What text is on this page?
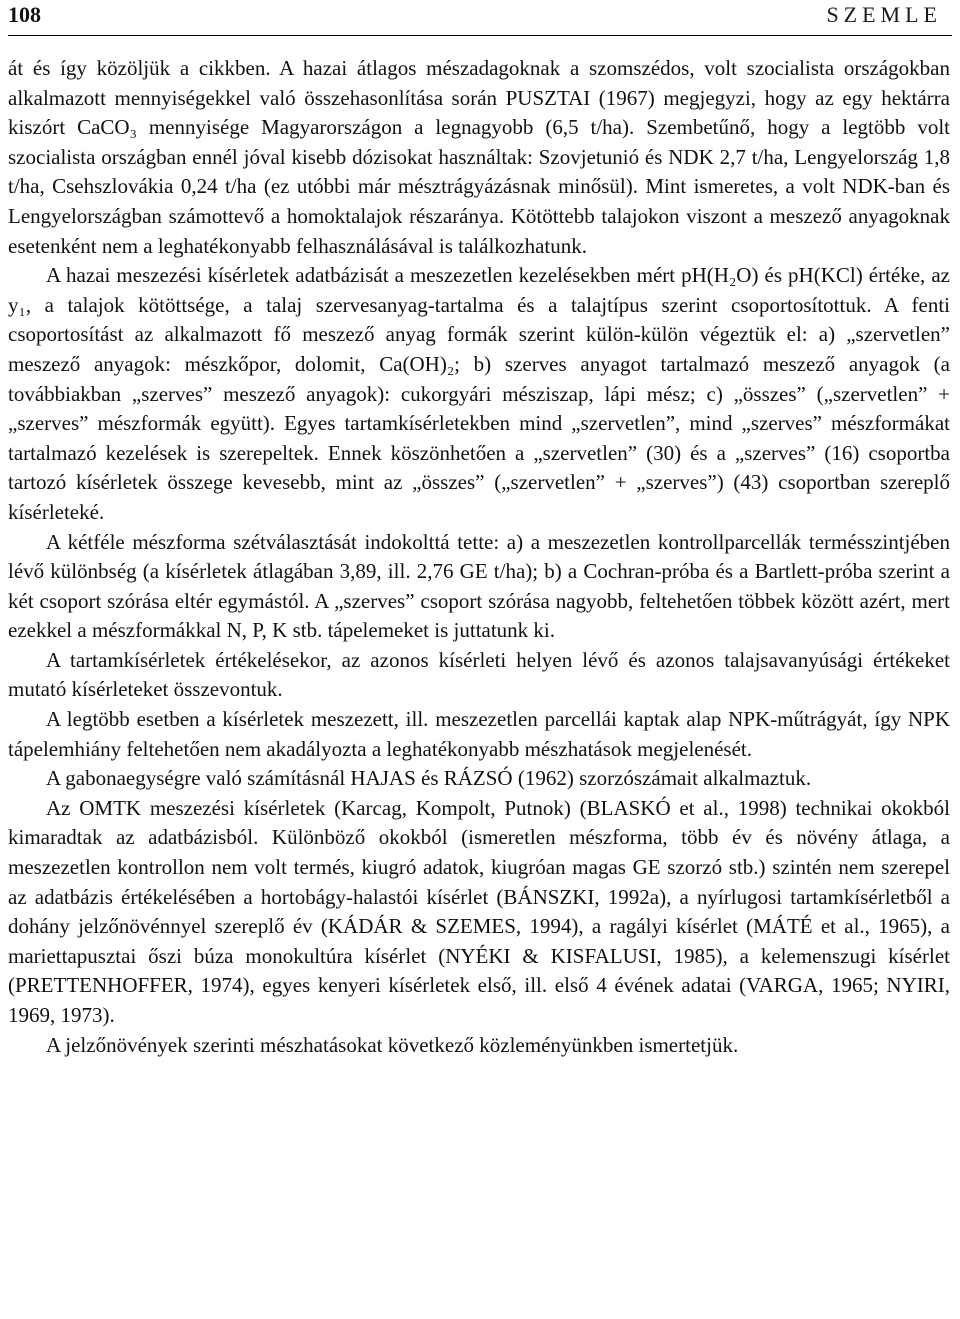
108	SZEMLE

át és így közöljük a cikkben. A hazai átlagos mészadagoknak a szomszédos, volt szocialista országokban alkalmazott mennyiségekkel való összehasonlítása során PUSZTAI (1967) megjegyzi, hogy az egy hektárra kiszórt CaCO₃ mennyisége Magyarországon a legnagyobb (6,5 t/ha). Szembetűnő, hogy a legtöbb volt szocialista országban ennél jóval kisebb dózisokat használtak: Szovjetunió és NDK 2,7 t/ha, Lengyelország 1,8 t/ha, Csehszlovákia 0,24 t/ha (ez utóbbi már mésztrágyázásnak minősül). Mint ismeretes, a volt NDK-ban és Lengyelországban számottevő a homoktalajok részaránya. Kötöttebb talajokon viszont a meszező anyagoknak esetenként nem a leghatékonyabb felhasználásával is találkozhatunk.

A hazai meszezési kísérletek adatbázisát a meszezetlen kezelésekben mért pH(H₂O) és pH(KCl) értéke, az y₁, a talajok kötöttsége, a talaj szervesanyag-tartalma és a talajtípus szerint csoportosítottuk. A fenti csoportosítást az alkalmazott fő meszező anyag formák szerint külön-külön végeztük el: a) „szervetlen” meszező anyagok: mészkőpor, dolomit, Ca(OH)₂; b) szerves anyagot tartalmazó meszező anyagok (a továbbiakban „szerves” meszező anyagok): cukorgyári mésziszap, lápi mész; c) „összes” („szervetlen” + „szerves” mészformák együtt). Egyes tartamkísérletekben mind „szervetlen”, mind „szerves” mészformákat tartalmazó kezelések is szerepeltek. Ennek köszönhetően a „szervetlen” (30) és a „szerves” (16) csoportba tartozó kísérletek összege kevesebb, mint az „összes” („szervetlen” + „szerves”) (43) csoportban szereplő kísérleteké.

A kétféle mészforma szétválasztását indokolttá tette: a) a meszezetlen kontrollparcellák termésszintjében lévő különbség (a kísérletek átlagában 3,89, ill. 2,76 GE t/ha); b) a Cochran-próba és a Bartlett-próba szerint a két csoport szórása eltér egymástól. A „szerves” csoport szórása nagyobb, feltehetően többek között azért, mert ezekkel a mészformákkal N, P, K stb. tápelemeket is juttatunk ki.

A tartamkísérletek értékelésekor, az azonos kísérleti helyen lévő és azonos talajsavanyúsági értékeket mutató kísérleteket összevontuk.

A legtöbb esetben a kísérletek meszezett, ill. meszezetlen parcellái kaptak alap NPK-műtrágyát, így NPK tápelemhiány feltehetően nem akadályozta a leghatékonyabb mészhatások megjelenését.

A gabonaegységre való számításnál HAJAS és RÁZSÓ (1962) szorzószámait alkalmaztuk.

Az OMTK meszezési kísérletek (Karcag, Kompolt, Putnok) (BLASKÓ et al., 1998) technikai okokból kimaradtak az adatbázisból. Különböző okokból (ismeretlen mészforma, több év és növény átlaga, a meszezetlen kontrollon nem volt termés, kiugró adatok, kiugróan magas GE szorzó stb.) szintén nem szerepel az adatbázis értékelésében a hortobágy-halastói kísérlet (BÁNSZKI, 1992a), a nyírlugosi tartamkísérletből a dohány jelzőnövénnyel szereplő év (KÁDÁR & SZEMES, 1994), a ragályi kísérlet (MÁTÉ et al., 1965), a mariettapusztai őszi búza monokultúra kísérlet (NYÉKI & KISFALUSI, 1985), a kelemenszugi kísérlet (PRETTENHOFFER, 1974), egyes kenyeri kísérletek első, ill. első 4 évének adatai (VARGA, 1965; NYIRI, 1969, 1973).

A jelzőnövények szerinti mészhatásokat következő közleményünkben ismertetjük.
